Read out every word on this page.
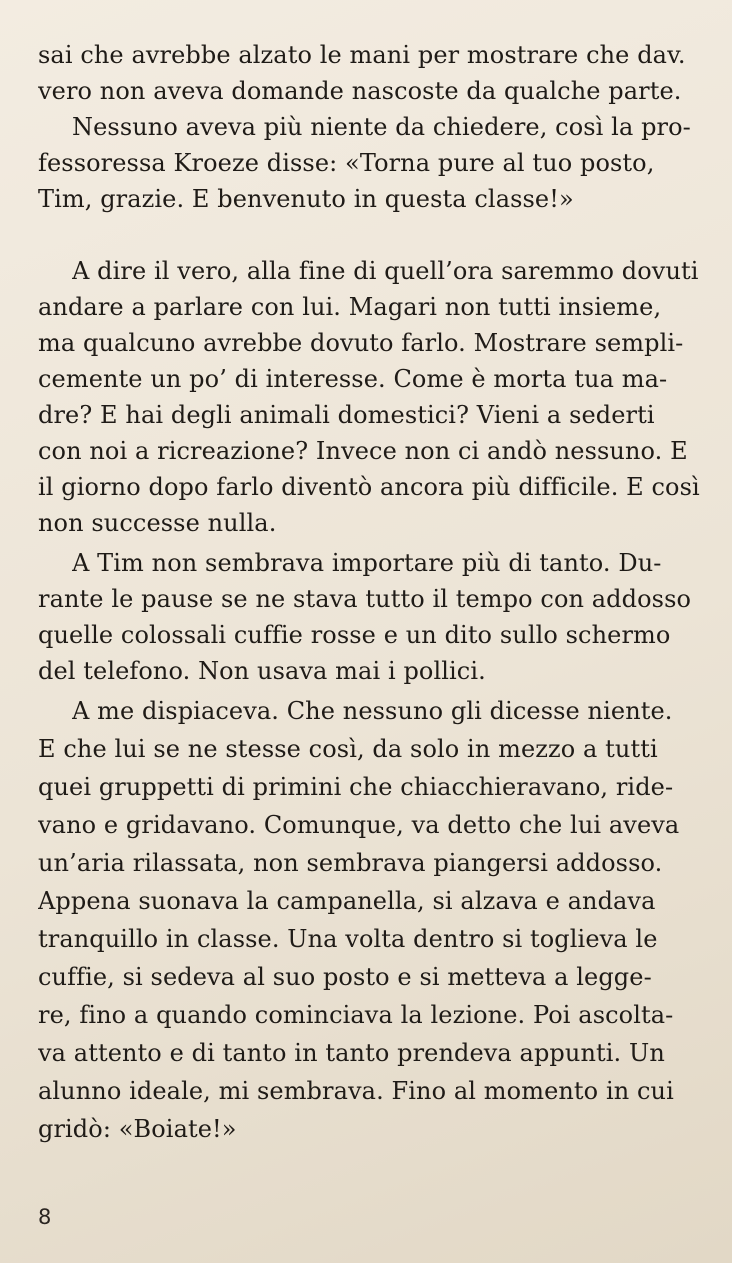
sai che avrebbe alzato le mani per mostrare che dav.
vero non aveva domande nascoste da qualche parte.
Nessuno aveva più niente da chiedere, così la pro-
fessoressa Kroeze disse: «Torna pure al tuo posto,
Tim, grazie. E benvenuto in questa classe!»
A dire il vero, alla fine di quell’ora saremmo dovuti
andare a parlare con lui. Magari non tutti insieme,
ma qualcuno avrebbe dovuto farlo. Mostrare sempli-
cemente un po’ di interesse. Come è morta tua ma-
dre? E hai degli animali domestici? Vieni a sederti
con noi a ricreazione? Invece non ci andò nessuno. E
il giorno dopo farlo diventò ancora più difficile. E così
non successe nulla.
A Tim non sembrava importare più di tanto. Du-
rante le pause se ne stava tutto il tempo con addosso
quelle colossali cuffie rosse e un dito sullo schermo
del telefono. Non usava mai i pollici.
A me dispiaceva. Che nessuno gli dicesse niente.
E che lui se ne stesse così, da solo in mezzo a tutti
quei gruppetti di primini che chiacchieravano, ride-
vano e gridavano. Comunque, va detto che lui aveva
un’aria rilassata, non sembrava piangersi addosso.
Appena suonava la campanella, si alzava e andava
tranquillo in classe. Una volta dentro si toglieva le
cuffie, si sedeva al suo posto e si metteva a legge-
re, fino a quando cominciava la lezione. Poi ascolta-
va attento e di tanto in tanto prendeva appunti. Un
alunno ideale, mi sembrava. Fino al momento in cui
gridò: «Boiate!»
8
